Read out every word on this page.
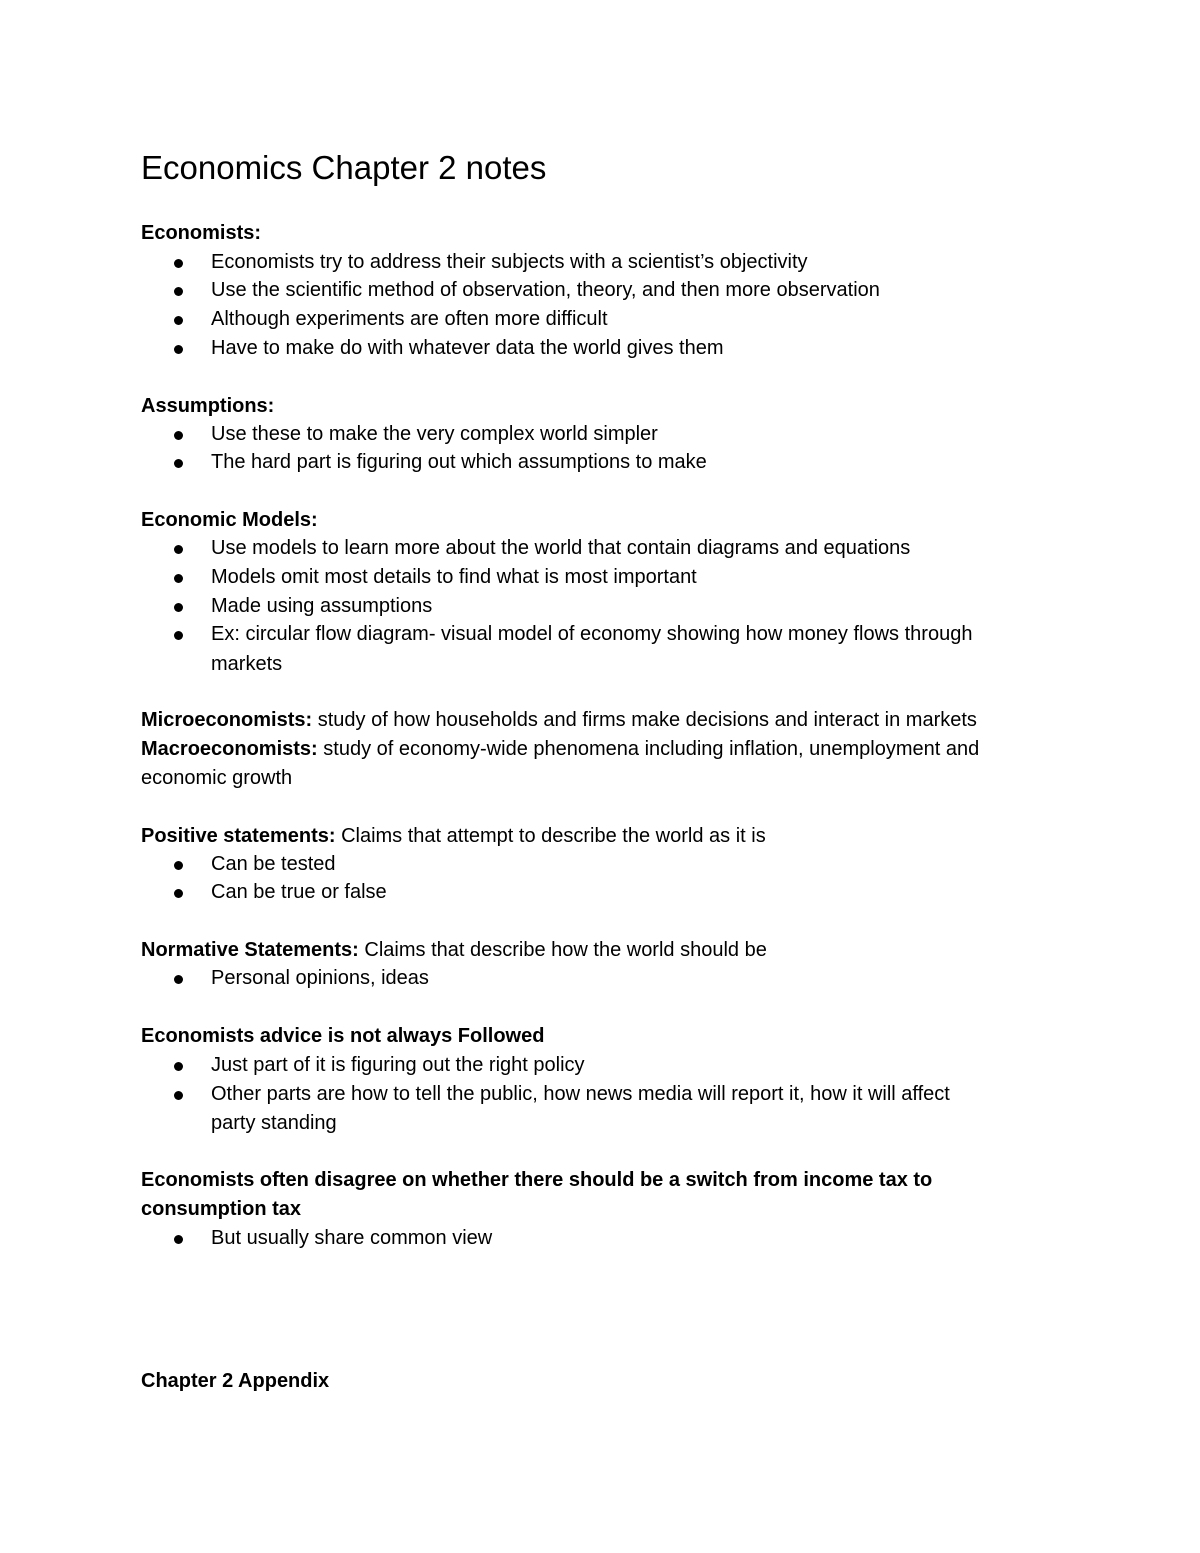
Economics Chapter 2 notes
Economists:
Economists try to address their subjects with a scientist’s objectivity
Use the scientific method of observation, theory, and then more observation
Although experiments are often more difficult
Have to make do with whatever data the world gives them
Assumptions:
Use these to make the very complex world simpler
The hard part is figuring out which assumptions to make
Economic Models:
Use models to learn more about the world that contain diagrams and equations
Models omit most details to find what is most important
Made using assumptions
Ex: circular flow diagram- visual model of economy showing how money flows through
markets
Microeconomists: study of how households and firms make decisions and interact in markets
Macroeconomists: study of economy-wide phenomena including inflation, unemployment and
economic growth
Positive statements: Claims that attempt to describe the world as it is
Can be tested
Can be true or false
Normative Statements: Claims that describe how the world should be
Personal opinions, ideas
Economists advice is not always Followed
Just part of it is figuring out the right policy
Other parts are how to tell the public, how news media will report it, how it will affect
party standing
Economists often disagree on whether there should be a switch from income tax to
consumption tax
But usually share common view
Chapter 2 Appendix
